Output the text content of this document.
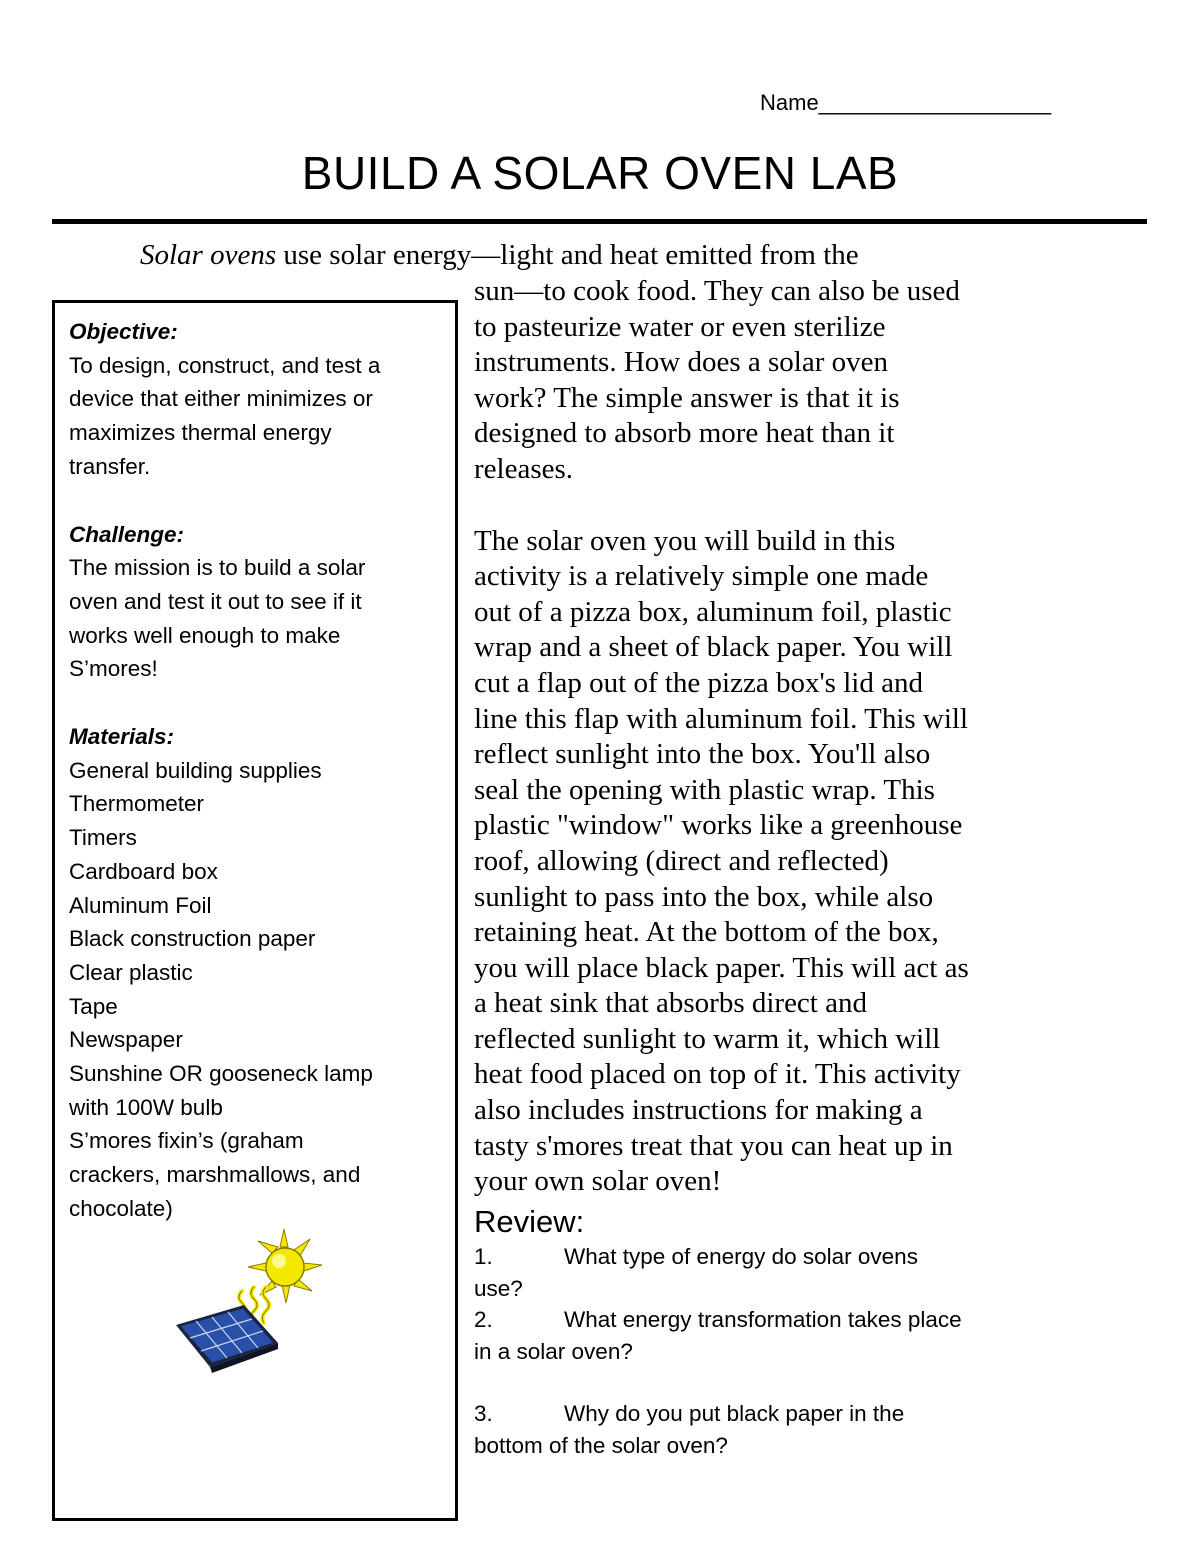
Name___________________
BUILD A SOLAR OVEN LAB
Solar ovens use solar energy—light and heat emitted from the

sun—to cook food. They can also be used
to pasteurize water or even sterilize
instruments. How does a solar oven
work? The simple answer is that it is
designed to absorb more heat than it
releases.

The solar oven you will build in this
activity is a relatively simple one made
out of a pizza box, aluminum foil, plastic
wrap and a sheet of black paper. You will
cut a flap out of the pizza box's lid and
line this flap with aluminum foil. This will
reflect sunlight into the box. You'll also
seal the opening with plastic wrap. This
plastic "window" works like a greenhouse
roof, allowing (direct and reflected)
sunlight to pass into the box, while also
retaining heat. At the bottom of the box,
you will place black paper. This will act as
a heat sink that absorbs direct and
reflected sunlight to warm it, which will
heat food placed on top of it. This activity
also includes instructions for making a
tasty s'mores treat that you can heat up in
your own solar oven!

Objective:
To design, construct, and test a
device that either minimizes or
maximizes thermal energy
transfer.
Challenge:
The mission is to build a solar
oven and test it out to see if it
works well enough to make
S’mores!
Materials:
General building supplies
Thermometer
Timers
Cardboard box
Aluminum Foil
Black construction paper
Clear plastic
Tape
Newspaper
Sunshine OR gooseneck lamp
with 100W bulb
S’mores fixin’s (graham
crackers, marshmallows, and
chocolate)	Review:
1.	What type of energy do solar ovens
use?
2.	What energy transformation takes place
in a solar oven?
3.	Why do you put black paper in the
bottom of the solar oven?
